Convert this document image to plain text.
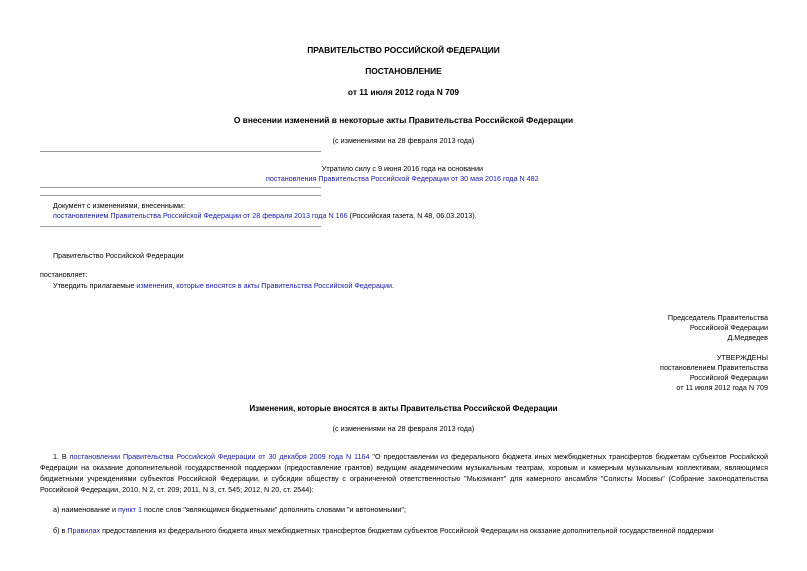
ПРАВИТЕЛЬСТВО РОССИЙСКОЙ ФЕДЕРАЦИИ
ПОСТАНОВЛЕНИЕ
от 11 июля 2012 года N 709
О внесении изменений в некоторые акты Правительства Российской Федерации
(с изменениями на 28 февраля 2013 года)
Утратило силу с 9 июня 2016 года на основании
постановления Правительства Российской Федерации от 30 мая 2016 года N 482
Документ с изменениями, внесенными:
постановлением Правительства Российской Федерации от 28 февраля 2013 года N 166 (Российская газета, N 48, 06.03.2013).
Правительство Российской Федерации
постановляет:
Утвердить прилагаемые изменения, которые вносятся в акты Правительства Российской Федерации.
Председатель Правительства
Российской Федерации
Д.Медведев
УТВЕРЖДЕНЫ
постановлением Правительства
Российской Федерации
от 11 июля 2012 года N 709
Изменения, которые вносятся в акты Правительства Российской Федерации
(с изменениями на 28 февраля 2013 года)
1. В постановлении Правительства Российской Федерации от 30 декабря 2009 года N 1164 "О предоставлении из федерального бюджета иных межбюджетных трансфертов бюджетам субъектов Российской Федерации на оказание дополнительной государственной поддержки (предоставление грантов) ведущим академическим музыкальным театрам, хоровым и камерным музыкальным коллективам, являющимся бюджетными учреждениями субъектов Российской Федерации, и субсидии обществу с ограниченной ответственностью "Мьюзикант" для камерного ансамбля "Солисты Москвы" (Собрание законодательства Российской Федерации, 2010, N 2, ст. 209; 2011, N 3, ст. 545; 2012, N 20, ст. 2544):
а) наименование и пункт 1 после слов "являющимся бюджетными" дополнить словами "и автономными";
б) в Правилах предоставления из федерального бюджета иных межбюджетных трансфертов бюджетам субъектов Российской Федерации на оказание дополнительной государственной поддержки
